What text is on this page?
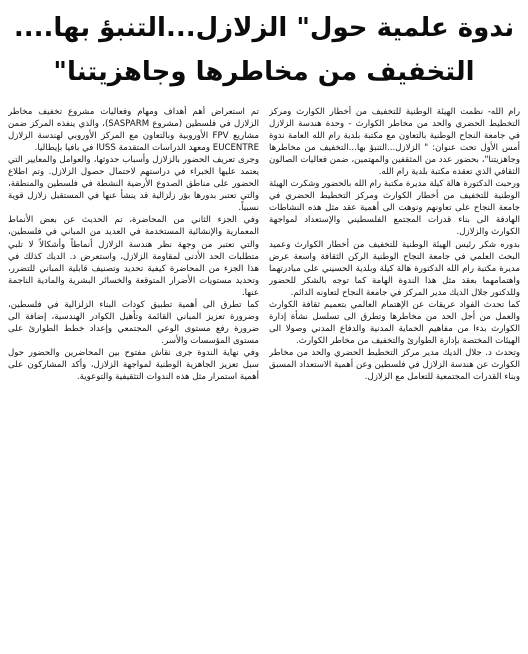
ندوة علمية حول" الزلازل...التنبؤ بها....
التخفيف من مخاطرها وجاهزيتنا"

رام الله- نظمت الهيئة الوطنية للتخفيف من أخطار الكوارث ومركز التخطيط الحضري والحد من مخاطر الكوارث - وحدة هندسة الزلازل في جامعة النجاح الوطنية بالتعاون مع مكتبة بلدية رام الله العامة ندوة أمس الأول تحت عنوان: " الزلازل...التنبؤ بها...التخفيف من مخاطرها وجاهزيتنا"، بحضور عدد من المثقفين والمهتمين، ضمن فعاليات الصالون الثقافي الذي تعقده مكتبة بلدية رام الله.
ورحبت الدكتورة هالة كيلة مديرة مكتبة رام الله بالحضور وشكرت الهيئة الوطنية للتخفيف من أخطار الكوارث ومركز التخطيط الحضري في جامعة النجاح على تعاونهم ونوهت الى أهمية عقد مثل هذه النشاطات الهادفة الى بناء قدرات المجتمع الفلسطيني والإستعداد لمواجهة الكوارث والزلازل.
بدوره شكر رئيس الهيئة الوطنية للتخفيف من أخطار الكوارث وعميد البحث العلمي في جامعة النجاح الوطنية الركن الثقافة واسعة عرض مديرة مكتبة رام الله الدكتورة هالة كيلة وبلدية الحسيني على مبادرتهما واهتمامهما بعقد مثل هذا الندوة الهامة كما توجه بالشكر للحضور وللدكتور جلال الديك مدير المركز في جامعة النجاح لتعاونه الدائم.
كما تحدث الفواد عريقات عن الإهتمام العالمي بتعميم ثقافة الكوارث والعمل من أجل الحد من مخاطرها وتطرق الى تسلسل نشأة إدارة الكوارث بدءا من مفاهيم الحماية المدنية والدفاع المدني وصولا الى الهيئات المختصة بإدارة الطوارئ والتخفيف من مخاطر الكوارث.
وتحدث د. جلال الديك مدير مركز التخطيط الحضري والحد من مخاطر الكوارث عن هندسة الزلازل في فلسطين وعن أهمية الاستعداد المسبق وبناء القدرات المجتمعية للتعامل مع الزلازل.

تم استعراض أهم أهداف ومهام وفعاليات مشروع تخفيف مخاطر الزلازل في فلسطين (مشروع SASPARM)، والذي ينفذه المركز ضمن مشاريع FPV الأوروبية وبالتعاون مع المركز الأوروبي لهندسة الزلازل EUCENTRE ومعهد الدراسات المتقدمة IUSS في بافيا بإيطاليا.
وجرى تعريف الحضور بالزلازل وأسباب حدوثها، والعوامل والمعايير التي يعتمد عليها الخبراء في دراستهم لاحتمال حصول الزلازل. وتم اطلاع الحضور على مناطق الصدوع الأرضية النشطة في فلسطين والمنطقة، والتي تعتبر بدورها بؤر زلزالية قد ينشأ عنها في المستقبل زلازل قوية نسبياً.
وفي الجزء الثاني من المحاضرة، تم الحديث عن بعض الأنماط المعمارية والإنشائية المستخدمة في العديد من المباني في فلسطين، والتي تعتبر من وجهة نظر هندسة الزلازل أنماطاً وأشكالاً لا تلبي متطلبات الحد الأدنى لمقاومة الزلازل، واستعرض د. الديك كذلك في هذا الجزء من المحاضرة كيفية تحديد وتصنيف قابلية المباني للتضرر، وتحديد مستويات الأضرار المتوقعة والخسائر البشرية والمادية الناجمة عنها.
كما تطرق الى أهمية تطبيق كودات البناء الزلزالية في فلسطين، وضرورة تعزيز المباني القائمة وتأهيل الكوادر الهندسية، إضافة الى ضرورة رفع مستوى الوعي المجتمعي وإعداد خطط الطوارئ على مستوى المؤسسات والأسر.
وفي نهاية الندوة جرى نقاش مفتوح بين المحاضرين والحضور حول سبل تعزيز الجاهزية الوطنية لمواجهة الزلازل، وأكد المشاركون على أهمية استمرار مثل هذه الندوات التثقيفية والتوعوية.
